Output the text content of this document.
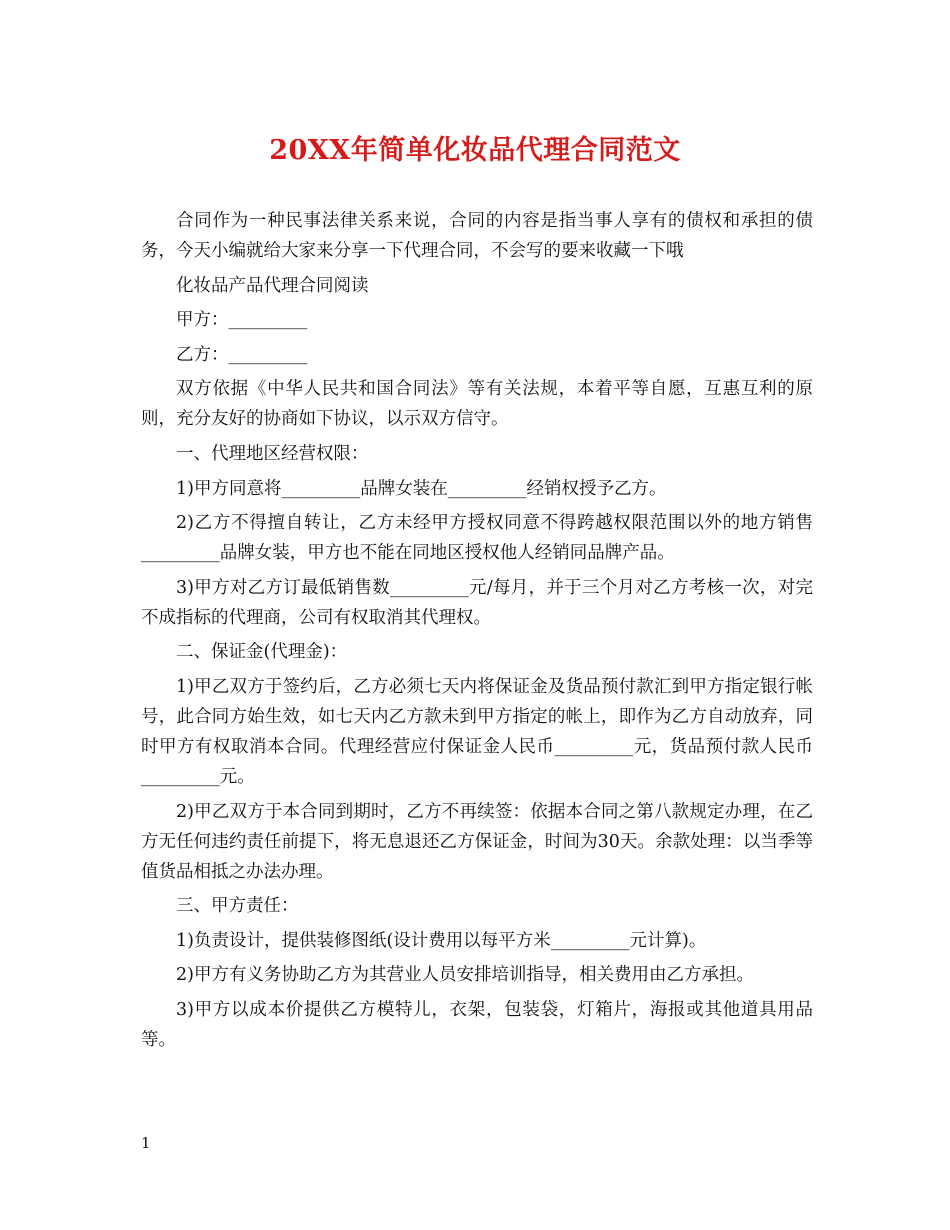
20XX年简单化妆品代理合同范文

合同作为一种民事法律关系来说，合同的内容是指当事人享有的债权和承担的债务，今天小编就给大家来分享一下代理合同，不会写的要来收藏一下哦

化妆品产品代理合同阅读

甲方：_________

乙方：_________

双方依据《中华人民共和国合同法》等有关法规，本着平等自愿，互惠互利的原则，充分友好的协商如下协议，以示双方信守。

一、代理地区经营权限：

1)甲方同意将_________品牌女装在_________经销权授予乙方。

2)乙方不得擅自转让，乙方未经甲方授权同意不得跨越权限范围以外的地方销售_________品牌女装，甲方也不能在同地区授权他人经销同品牌产品。

3)甲方对乙方订最低销售数_________元/每月，并于三个月对乙方考核一次，对完不成指标的代理商，公司有权取消其代理权。

二、保证金(代理金)：

1)甲乙双方于签约后，乙方必须七天内将保证金及货品预付款汇到甲方指定银行帐号，此合同方始生效，如七天内乙方款未到甲方指定的帐上，即作为乙方自动放弃，同时甲方有权取消本合同。代理经营应付保证金人民币_________元，货品预付款人民币_________元。

2)甲乙双方于本合同到期时，乙方不再续签：依据本合同之第八款规定办理，在乙方无任何违约责任前提下，将无息退还乙方保证金，时间为30天。余款处理：以当季等值货品相抵之办法办理。

三、甲方责任：

1)负责设计，提供装修图纸(设计费用以每平方米_________元计算)。

2)甲方有义务协助乙方为其营业人员安排培训指导，相关费用由乙方承担。

3)甲方以成本价提供乙方模特儿，衣架，包装袋，灯箱片，海报或其他道具用品等。

1
